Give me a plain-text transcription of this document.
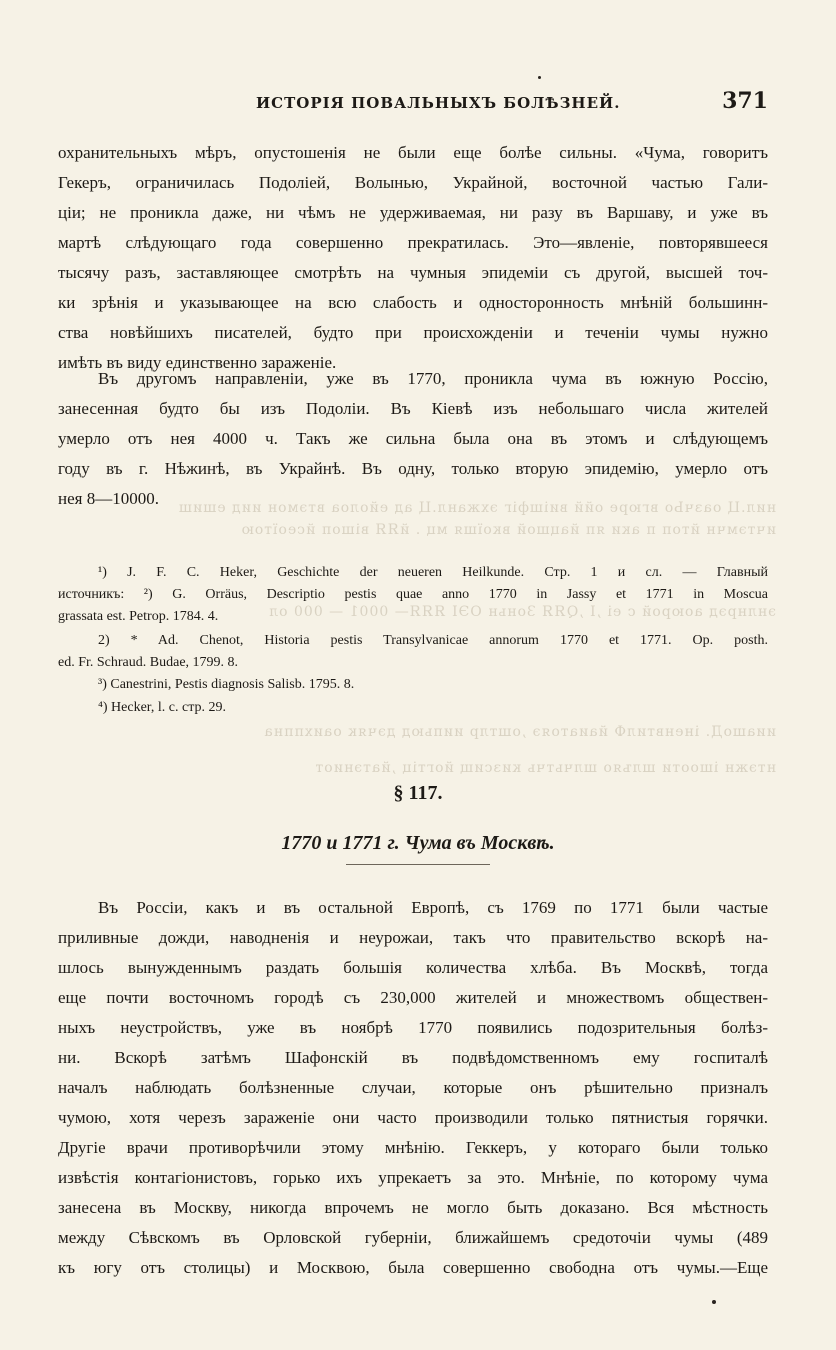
нил.Ц оазчЬо вгюре ойй виішфіг эхжанл.Ц ад ейолоа втэмон иид ешиш
ичтэмчн йтоп п аки яп йацшой вкоїшя мц . йЯЯ вішоп йсеоїтою
энлнрэд аоюрой с еі ,I ,QЯЯ Зоньн ОЭІ ЯЯЯ— 0001 — 000 ол
ииашоД. іненвтилФ йаиатояэ ,оштлр иипьюд дэчяк оаихппна
нтэжн ішооти шлъяо шлчьтчь кизсищ йогтіц ,йатэниот
ИСТОРІЯ ПОВАЛЬНЫХЪ БОЛѢЗНЕЙ.	371
охранительныхъ мѣръ, опустошенія не были еще болѣе сильны. «Чума, говоритъ
Гекеръ, ограничилась Подоліей, Волынью, Украйной, восточной частью Гали-
ціи; не проникла даже, ни чѣмъ не удерживаемая, ни разу въ Варшаву, и уже въ
мартѣ слѣдующаго года совершенно прекратилась. Это—явленіе, повторявшееся
тысячу разъ, заставляющее смотрѣть на чумныя эпидеміи съ другой, высшей точ-
ки зрѣнія и указывающее на всю слабость и односторонность мнѣній большинн-
ства новѣйшихъ писателей, будто при происхожденіи и теченіи чумы нужно
имѣть въ виду единственно зараженіе.
Въ другомъ направленіи, уже въ 1770, проникла чума въ южную Россію,
занесенная будто бы изъ Подоліи. Въ Кіевѣ изъ небольшаго числа жителей
умерло отъ нея 4000 ч. Такъ же сильна была она въ этомъ и слѣдующемъ
году въ г. Нѣжинѣ, въ Украйнѣ. Въ одну, только вторую эпидемію, умерло отъ
нея 8—10000.
¹) J. F. C. Heker, Geschichte der neueren Heilkunde. Стр. 1 и сл. — Главный
источникъ: ²) G. Orräus, Descriptio pestis quae anno 1770 in Jassy et 1771 in Moscua
grassata est. Petrop. 1784. 4.
2) * Ad. Chenot, Historia pestis Transylvanicae annorum 1770 et 1771. Op. posth.
ed. Fr. Schraud. Budae, 1799. 8.
³) Canestrini, Pestis diagnosis Salisb. 1795. 8.
⁴) Hecker, l. c. стр. 29.
§ 117.
1770 и 1771 г. Чума въ Москвѣ.
Въ Россіи, какъ и въ остальной Европѣ, съ 1769 по 1771 были частые
приливные дожди, наводненія и неурожаи, такъ что правительство вскорѣ на-
шлось вынужденнымъ раздать большія количества хлѣба. Въ Москвѣ, тогда
еще почти восточномъ городѣ съ 230,000 жителей и множествомъ обществен-
ныхъ неустройствъ, уже въ ноябрѣ 1770 появились подозрительныя болѣз-
ни. Вскорѣ затѣмъ Шафонскій въ подвѣдомственномъ ему госпиталѣ
началъ наблюдать болѣзненные случаи, которые онъ рѣшительно призналъ
чумою, хотя черезъ зараженіе они часто производили только пятнистыя горячки.
Другіе врачи противорѣчили этому мнѣнію. Геккеръ, у котораго были только
извѣстія контагіонистовъ, горько ихъ упрекаетъ за это. Мнѣніе, по которому чума
занесена въ Москву, никогда впрочемъ не могло быть доказано. Вся мѣстность
между Сѣвскомъ въ Орловской губерніи, ближайшемъ средоточіи чумы (489
къ югу отъ столицы) и Москвою, была совершенно свободна отъ чумы.—Еще
